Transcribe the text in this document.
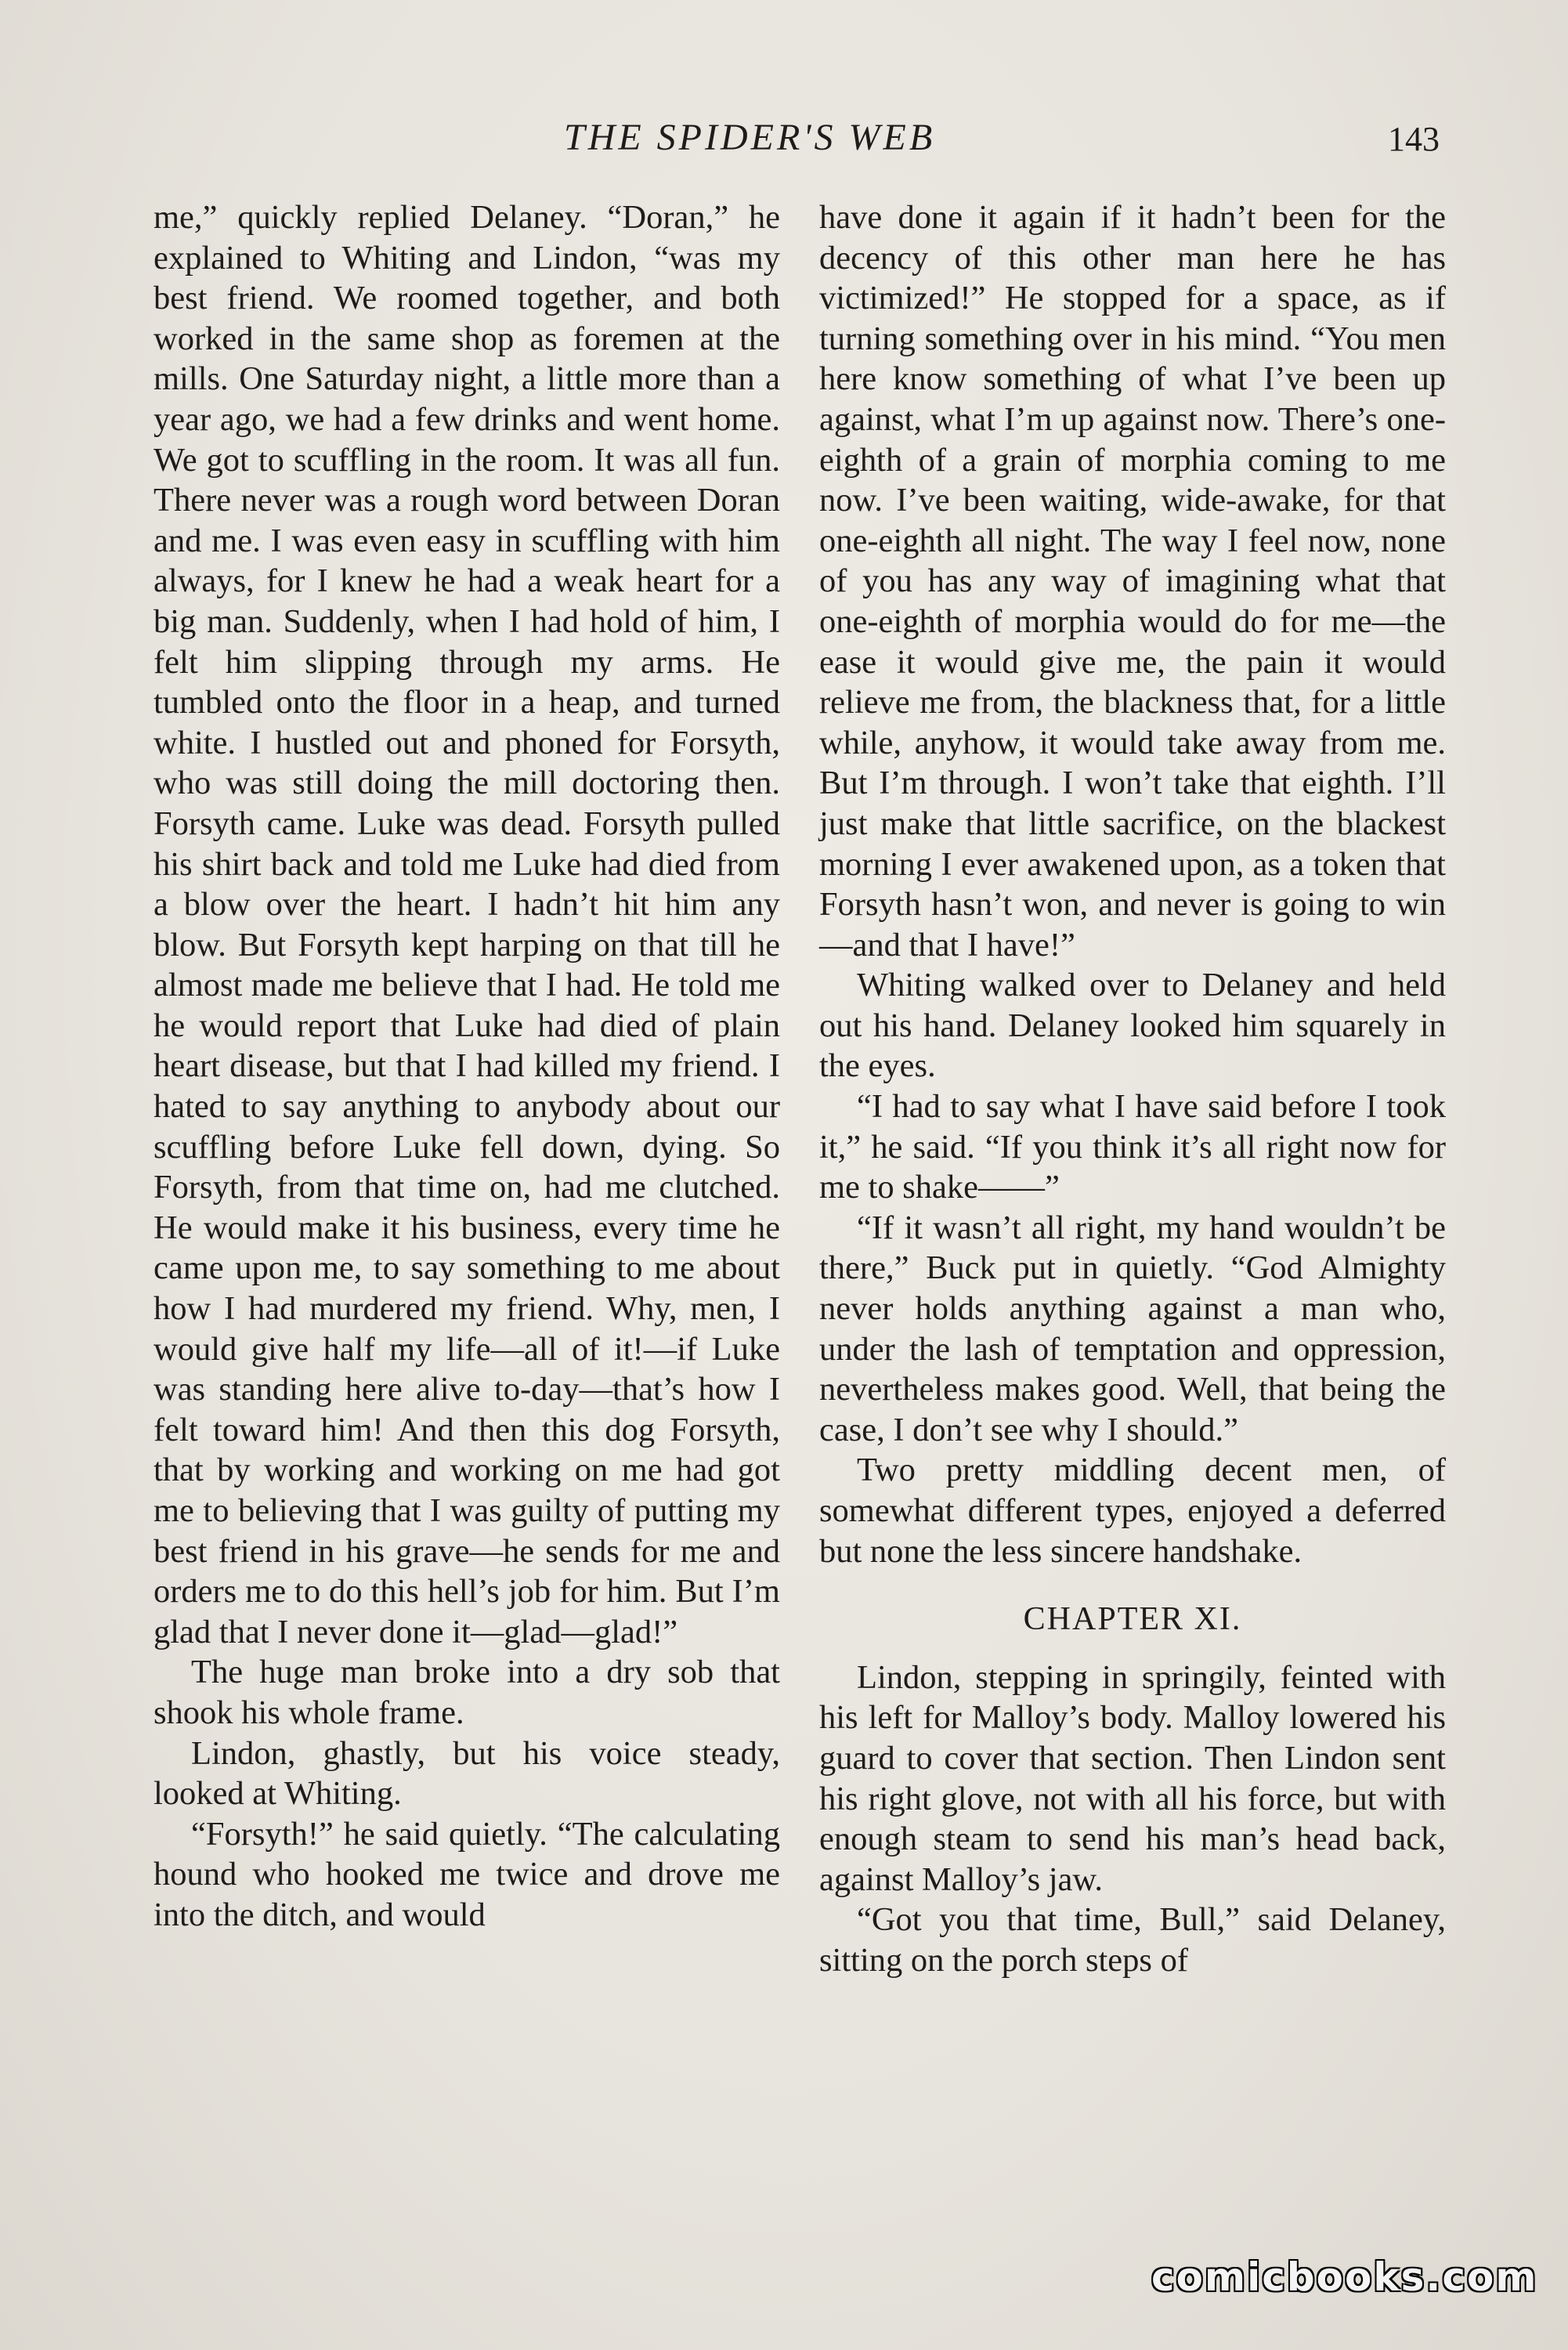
THE SPIDER'S WEB	143

me,” quickly replied Delaney. “Doran,” he explained to Whiting and Lindon, “was my best friend. We roomed together, and both worked in the same shop as foremen at the mills. One Saturday night, a little more than a year ago, we had a few drinks and went home. We got to scuffling in the room. It was all fun. There never was a rough word between Doran and me. I was even easy in scuffling with him always, for I knew he had a weak heart for a big man. Suddenly, when I had hold of him, I felt him slipping through my arms. He tumbled onto the floor in a heap, and turned white. I hustled out and phoned for Forsyth, who was still doing the mill doctoring then. Forsyth came. Luke was dead. Forsyth pulled his shirt back and told me Luke had died from a blow over the heart. I hadn’t hit him any blow. But Forsyth kept harping on that till he almost made me believe that I had. He told me he would report that Luke had died of plain heart disease, but that I had killed my friend. I hated to say anything to anybody about our scuffling before Luke fell down, dying. So Forsyth, from that time on, had me clutched. He would make it his business, every time he came upon me, to say something to me about how I had murdered my friend. Why, men, I would give half my life—all of it!—if Luke was standing here alive to-day—that’s how I felt toward him! And then this dog Forsyth, that by working and working on me had got me to believing that I was guilty of putting my best friend in his grave—he sends for me and orders me to do this hell’s job for him. But I’m glad that I never done it—glad—glad!”

The huge man broke into a dry sob that shook his whole frame.

Lindon, ghastly, but his voice steady, looked at Whiting.

“Forsyth!” he said quietly. “The calculating hound who hooked me twice and drove me into the ditch, and would

have done it again if it hadn’t been for the decency of this other man here he has victimized!” He stopped for a space, as if turning something over in his mind. “You men here know something of what I’ve been up against, what I’m up against now. There’s one-eighth of a grain of morphia coming to me now. I’ve been waiting, wide-awake, for that one-eighth all night. The way I feel now, none of you has any way of imagining what that one-eighth of morphia would do for me—the ease it would give me, the pain it would relieve me from, the blackness that, for a little while, anyhow, it would take away from me. But I’m through. I won’t take that eighth. I’ll just make that little sacrifice, on the blackest morning I ever awakened upon, as a token that Forsyth hasn’t won, and never is going to win—and that I have!”

Whiting walked over to Delaney and held out his hand. Delaney looked him squarely in the eyes.

“I had to say what I have said before I took it,” he said. “If you think it’s all right now for me to shake——”

“If it wasn’t all right, my hand wouldn’t be there,” Buck put in quietly. “God Almighty never holds anything against a man who, under the lash of temptation and oppression, nevertheless makes good. Well, that being the case, I don’t see why I should.”

Two pretty middling decent men, of somewhat different types, enjoyed a deferred but none the less sincere handshake.

CHAPTER XI.

Lindon, stepping in springily, feinted with his left for Malloy’s body. Malloy lowered his guard to cover that section. Then Lindon sent his right glove, not with all his force, but with enough steam to send his man’s head back, against Malloy’s jaw.

“Got you that time, Bull,” said Delaney, sitting on the porch steps of

comicbooks.com
